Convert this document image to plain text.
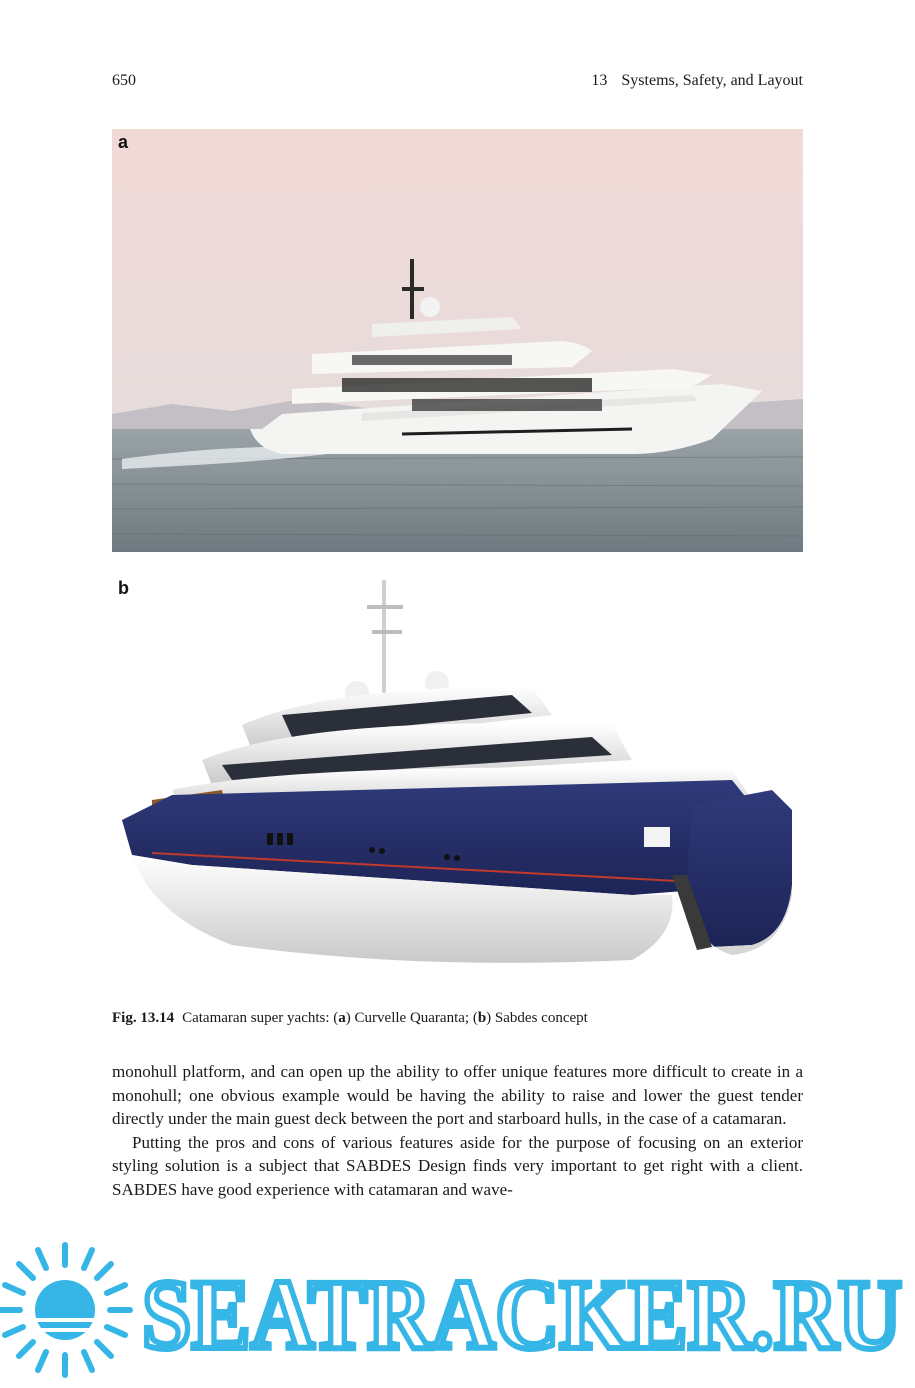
650	13 Systems, Safety, and Layout
a
b
Fig. 13.14 Catamaran super yachts: (a) Curvelle Quaranta; (b) Sabdes concept

monohull platform, and can open up the ability to offer unique features more difficult to create in a monohull; one obvious example would be having the ability to raise and lower the guest tender directly under the main guest deck between the port and starboard hulls, in the case of a catamaran.

Putting the pros and cons of various features aside for the purpose of focusing on an exterior styling solution is a subject that SABDES Design finds very important to get right with a client. SABDES have good experience with catamaran and wave-

SEATRACKER.RU
